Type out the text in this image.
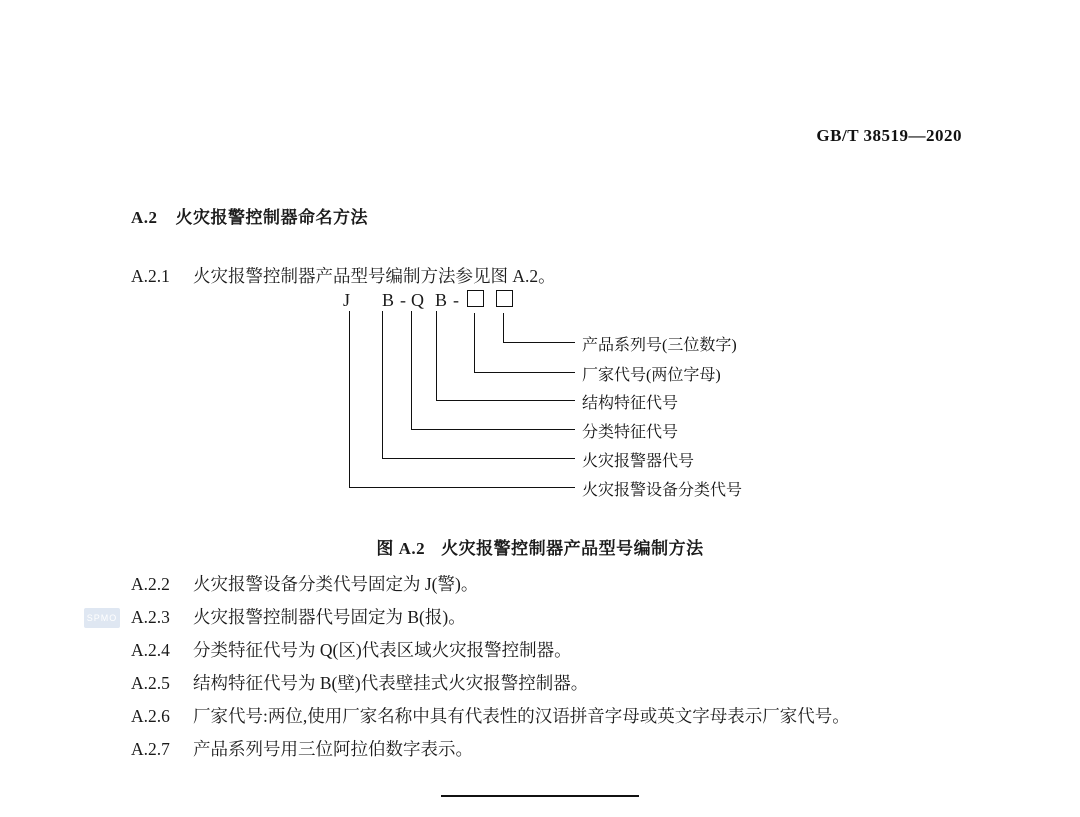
GB/T 38519—2020
A.2 火灾报警控制器命名方法
A.2.1 火灾报警控制器产品型号编制方法参见图 A.2。
J B - Q B -
产品系列号(三位数字)
厂家代号(两位字母)
结构特征代号
分类特征代号
火灾报警器代号
火灾报警设备分类代号
图 A.2 火灾报警控制器产品型号编制方法
A.2.2 火灾报警设备分类代号固定为 J(警)。
A.2.3 火灾报警控制器代号固定为 B(报)。
A.2.4 分类特征代号为 Q(区)代表区域火灾报警控制器。
A.2.5 结构特征代号为 B(壁)代表壁挂式火灾报警控制器。
A.2.6 厂家代号:两位,使用厂家名称中具有代表性的汉语拼音字母或英文字母表示厂家代号。
A.2.7 产品系列号用三位阿拉伯数字表示。
SPMO
